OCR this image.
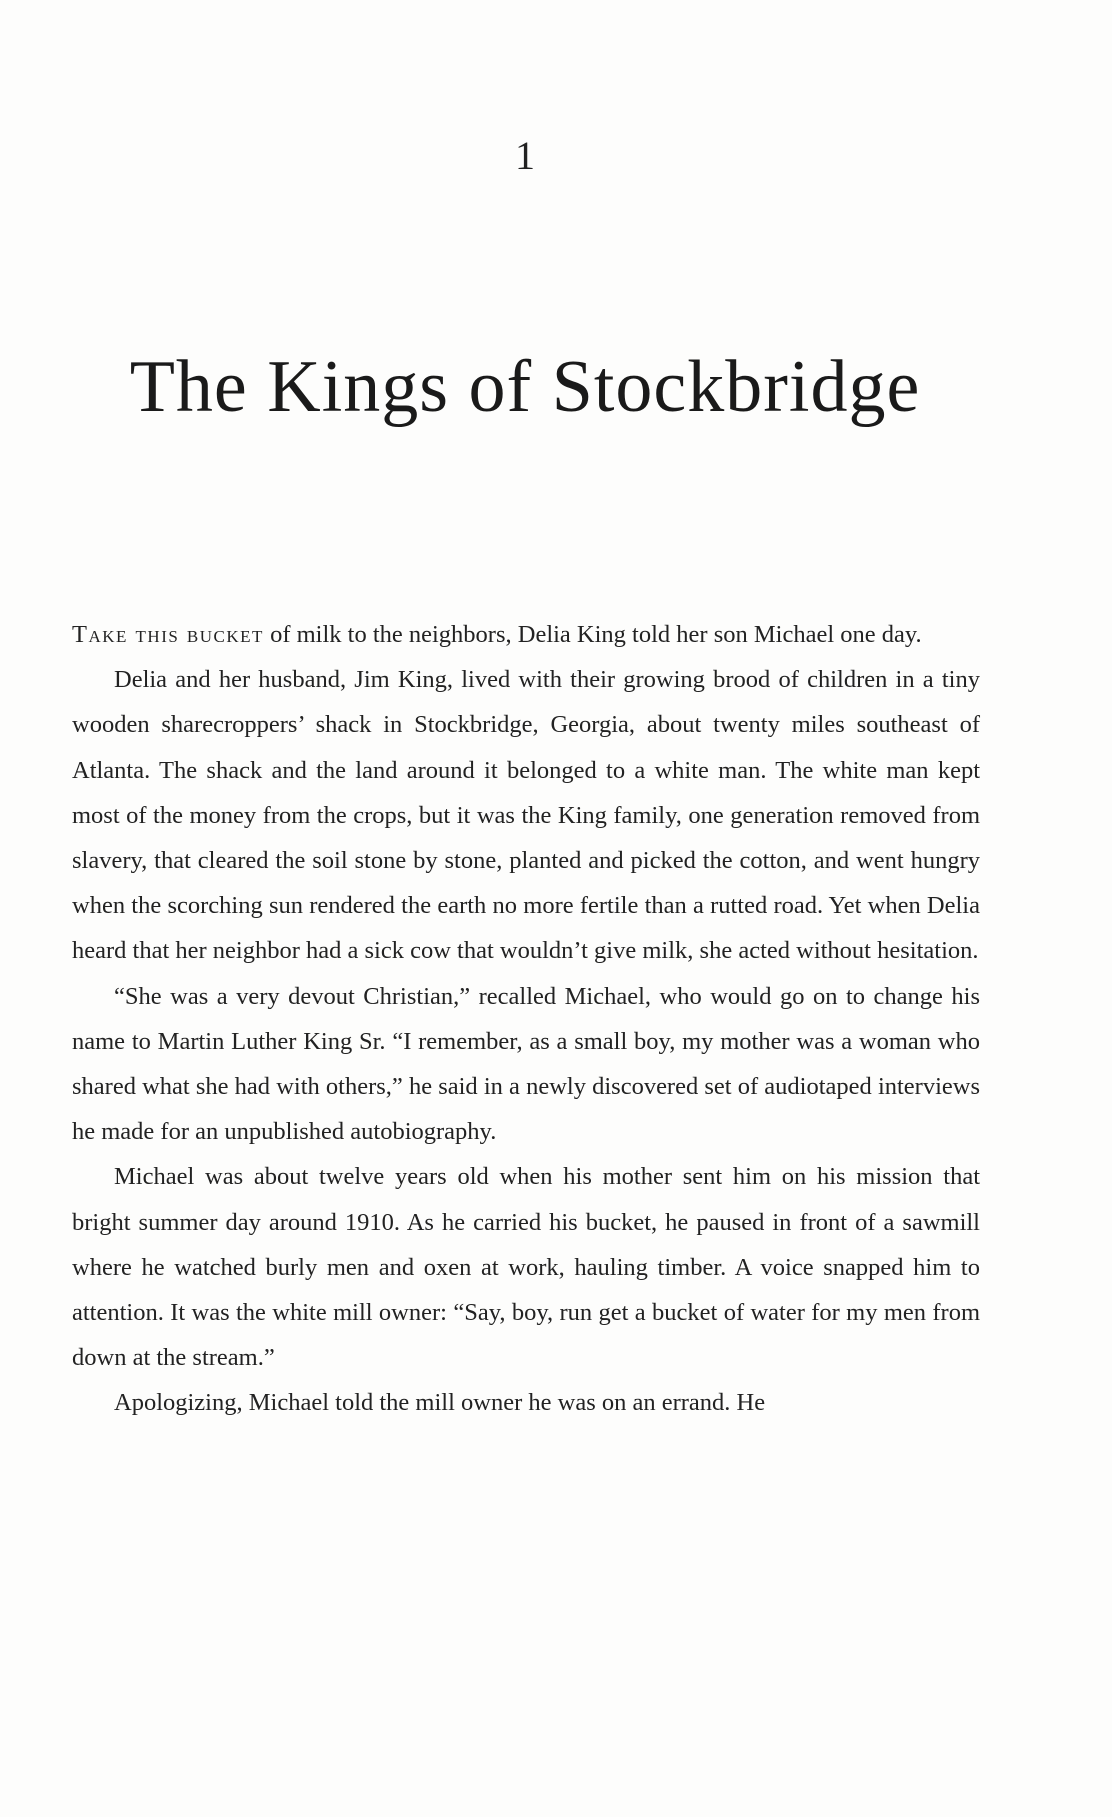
1
The Kings of Stockbridge

Take this bucket of milk to the neighbors, Delia King told her son Michael one day.

Delia and her husband, Jim King, lived with their growing brood of children in a tiny wooden sharecroppers’ shack in Stockbridge, Georgia, about twenty miles southeast of Atlanta. The shack and the land around it belonged to a white man. The white man kept most of the money from the crops, but it was the King family, one generation removed from slavery, that cleared the soil stone by stone, planted and picked the cotton, and went hungry when the scorching sun rendered the earth no more fertile than a rutted road. Yet when Delia heard that her neighbor had a sick cow that wouldn’t give milk, she acted without hesitation.

“She was a very devout Christian,” recalled Michael, who would go on to change his name to Martin Luther King Sr. “I remember, as a small boy, my mother was a woman who shared what she had with others,” he said in a newly discovered set of audiotaped interviews he made for an unpublished autobiography.

Michael was about twelve years old when his mother sent him on his mission that bright summer day around 1910. As he carried his bucket, he paused in front of a sawmill where he watched burly men and oxen at work, hauling timber. A voice snapped him to attention. It was the white mill owner: “Say, boy, run get a bucket of water for my men from down at the stream.”

Apologizing, Michael told the mill owner he was on an errand. He
